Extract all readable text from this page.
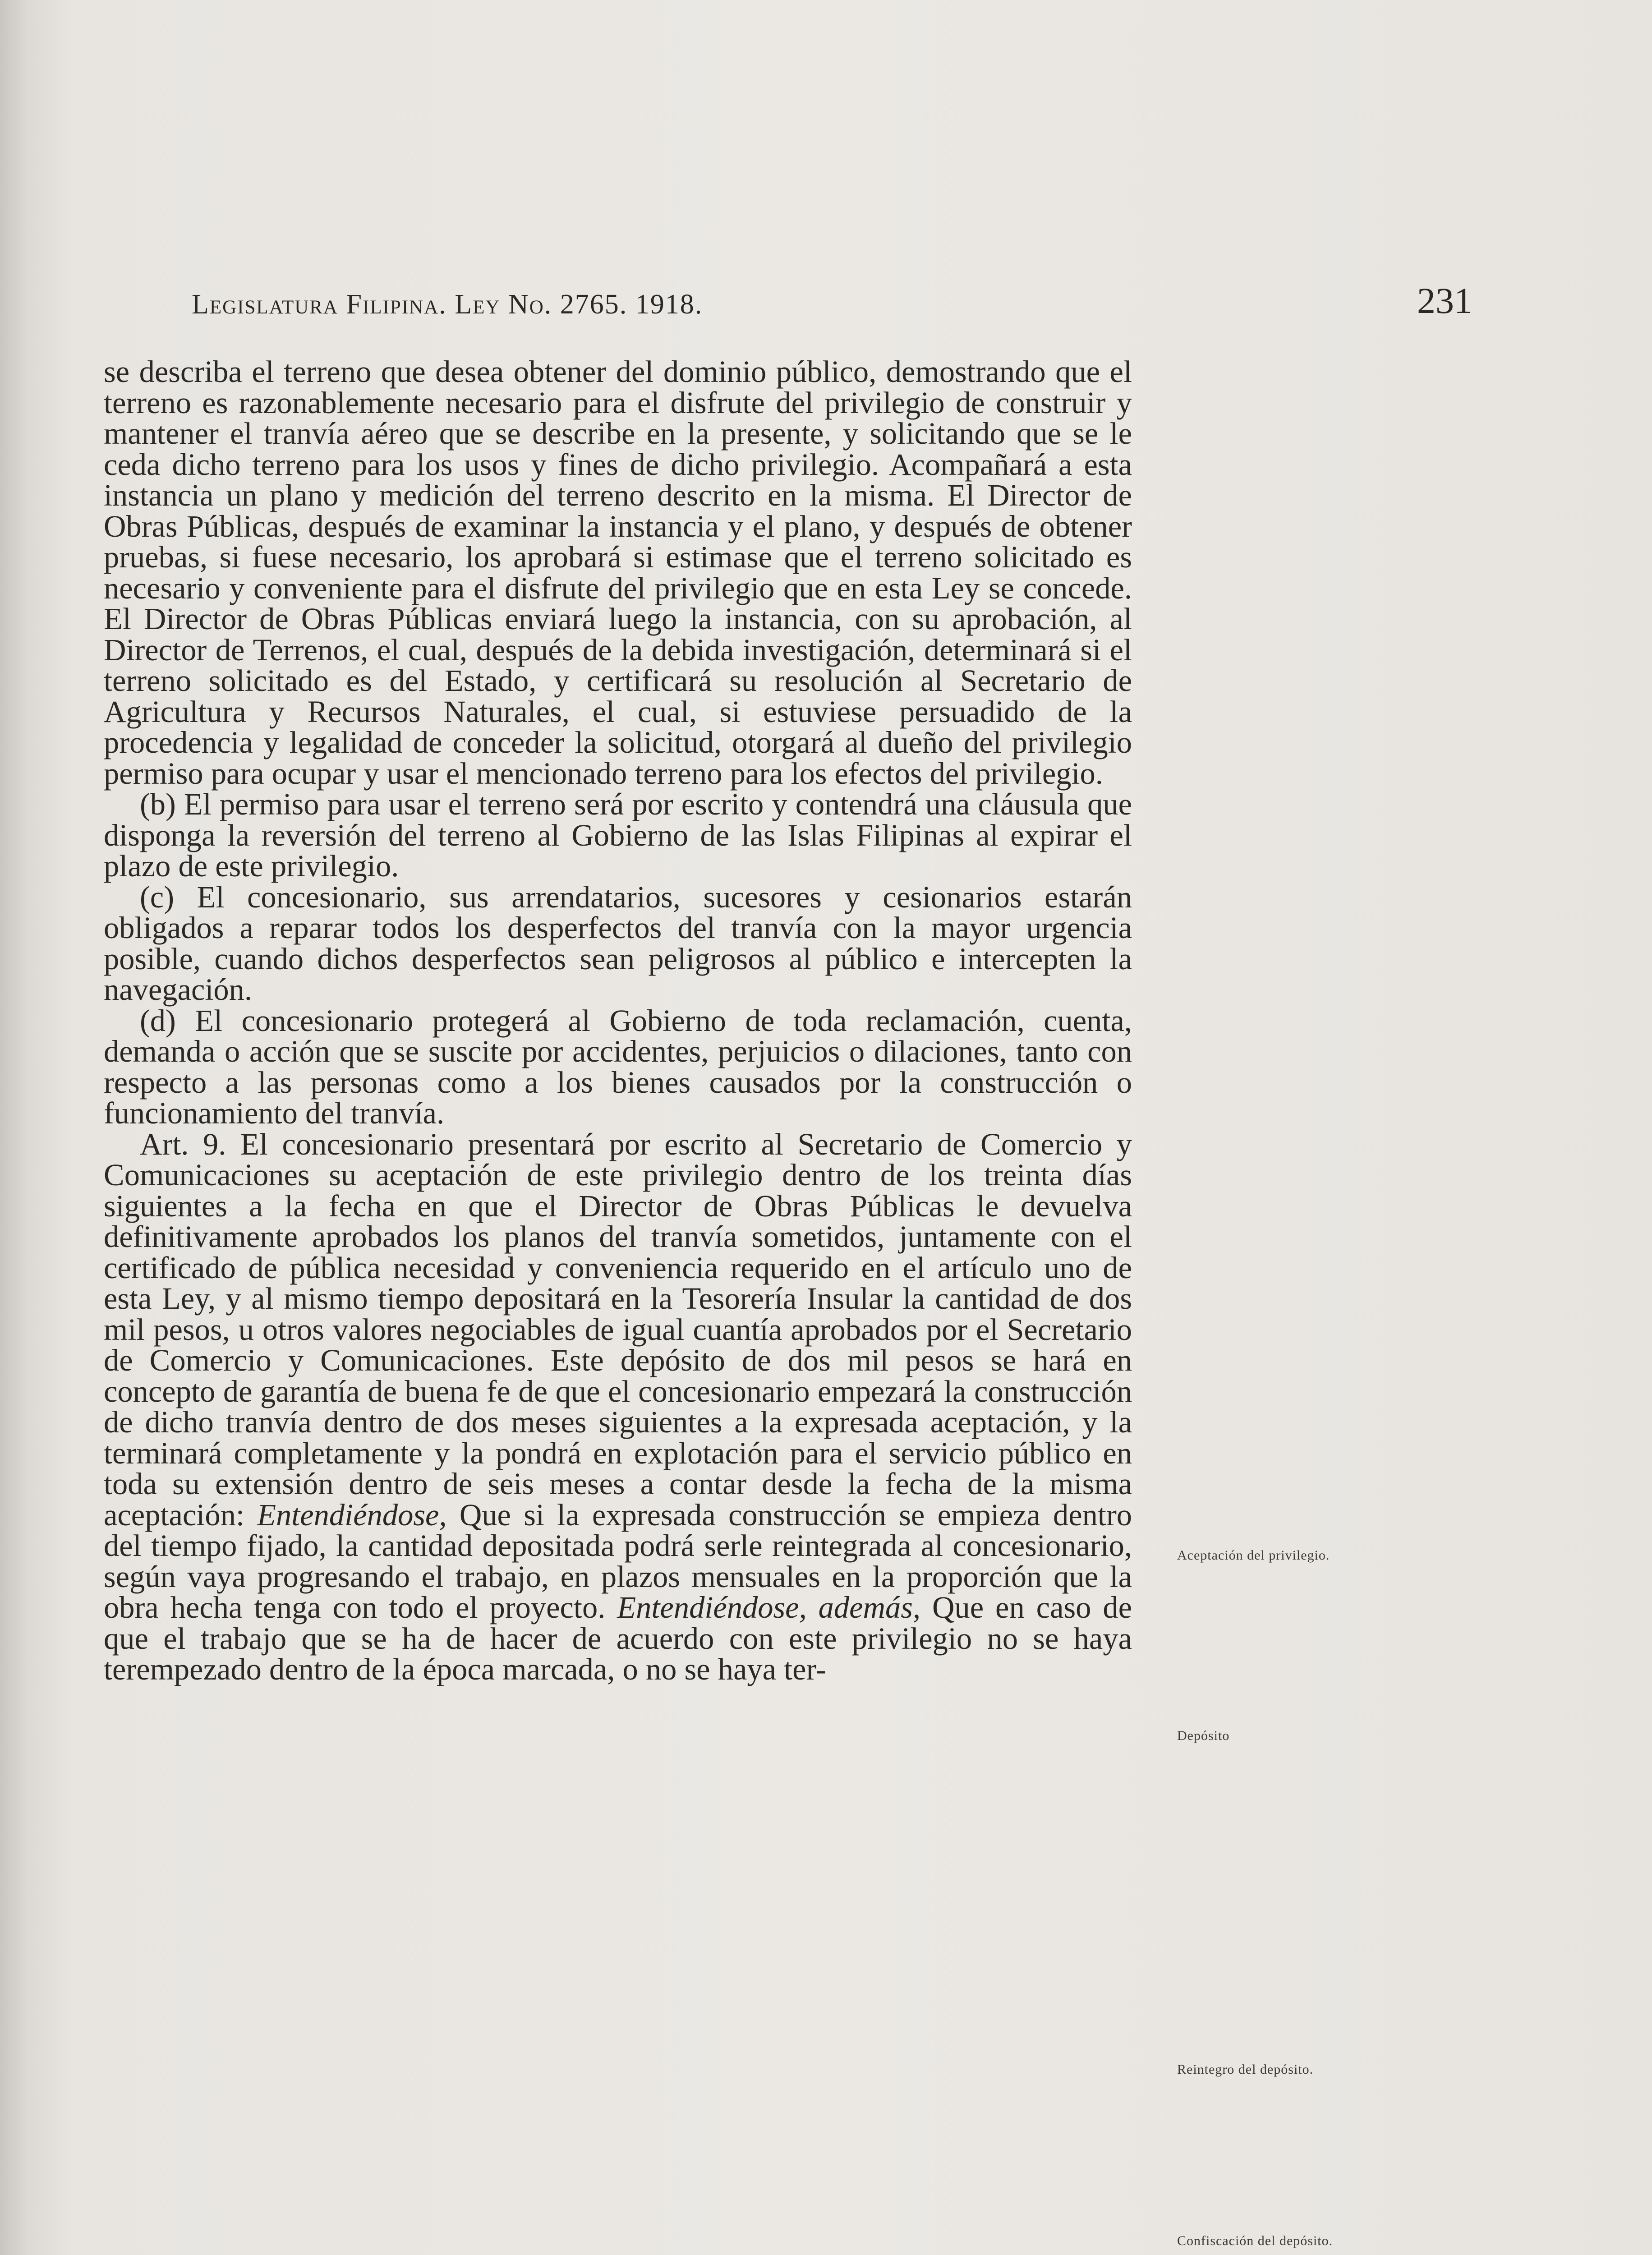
Legislatura Filipina. Ley No. 2765. 1918.	231

se describa el terreno que desea obtener del dominio público, demostrando que el terreno es razonablemente necesario para el disfrute del privilegio de construir y mantener el tranvía aéreo que se describe en la presente, y solicitando que se le ceda dicho terreno para los usos y fines de dicho privilegio. Acompañará a esta instancia un plano y medición del terreno descrito en la misma. El Director de Obras Públicas, después de examinar la instancia y el plano, y después de obtener pruebas, si fuese necesario, los aprobará si estimase que el terreno solicitado es necesario y conveniente para el disfrute del privilegio que en esta Ley se concede. El Director de Obras Públicas enviará luego la instancia, con su aprobación, al Director de Terrenos, el cual, después de la debida investigación, determinará si el terreno solicitado es del Estado, y certificará su resolución al Secretario de Agricultura y Recursos Naturales, el cual, si estuviese persuadido de la procedencia y legalidad de conceder la solicitud, otorgará al dueño del privilegio permiso para ocupar y usar el mencionado terreno para los efectos del privilegio.

(b) El permiso para usar el terreno será por escrito y contendrá una cláusula que disponga la reversión del terreno al Gobierno de las Islas Filipinas al expirar el plazo de este privilegio.

(c) El concesionario, sus arrendatarios, sucesores y cesionarios estarán obligados a reparar todos los desperfectos del tranvía con la mayor urgencia posible, cuando dichos desperfectos sean peligrosos al público e intercepten la navegación.

(d) El concesionario protegerá al Gobierno de toda reclamación, cuenta, demanda o acción que se suscite por accidentes, perjuicios o dilaciones, tanto con respecto a las personas como a los bienes causados por la construcción o funcionamiento del tranvía.

Art. 9. El concesionario presentará por escrito al Secretario de Comercio y Comunicaciones su aceptación de este privilegio dentro de los treinta días siguientes a la fecha en que el Director de Obras Públicas le devuelva definitivamente aprobados los planos del tranvía sometidos, juntamente con el certificado de pública necesidad y conveniencia requerido en el artículo uno de esta Ley, y al mismo tiempo depositará en la Tesorería Insular la cantidad de dos mil pesos, u otros valores negociables de igual cuantía aprobados por el Secretario de Comercio y Comunicaciones. Este depósito de dos mil pesos se hará en concepto de garantía de buena fe de que el concesionario empezará la construcción de dicho tranvía dentro de dos meses siguientes a la expresada aceptación, y la terminará completamente y la pondrá en explotación para el servicio público en toda su extensión dentro de seis meses a contar desde la fecha de la misma aceptación: Entendiéndose, Que si la expresada construcción se empieza dentro del tiempo fijado, la cantidad depositada podrá serle reintegrada al concesionario, según vaya progresando el trabajo, en plazos mensuales en la proporción que la obra hecha tenga con todo el proyecto. Entendiéndose, además, Que en caso de que el trabajo que se ha de hacer de acuerdo con este privilegio no se haya terempezado dentro de la época marcada, o no se haya ter-

Aceptación del privilegio.
Depósito
Reintegro del depósito.
Confiscación del depósito.
